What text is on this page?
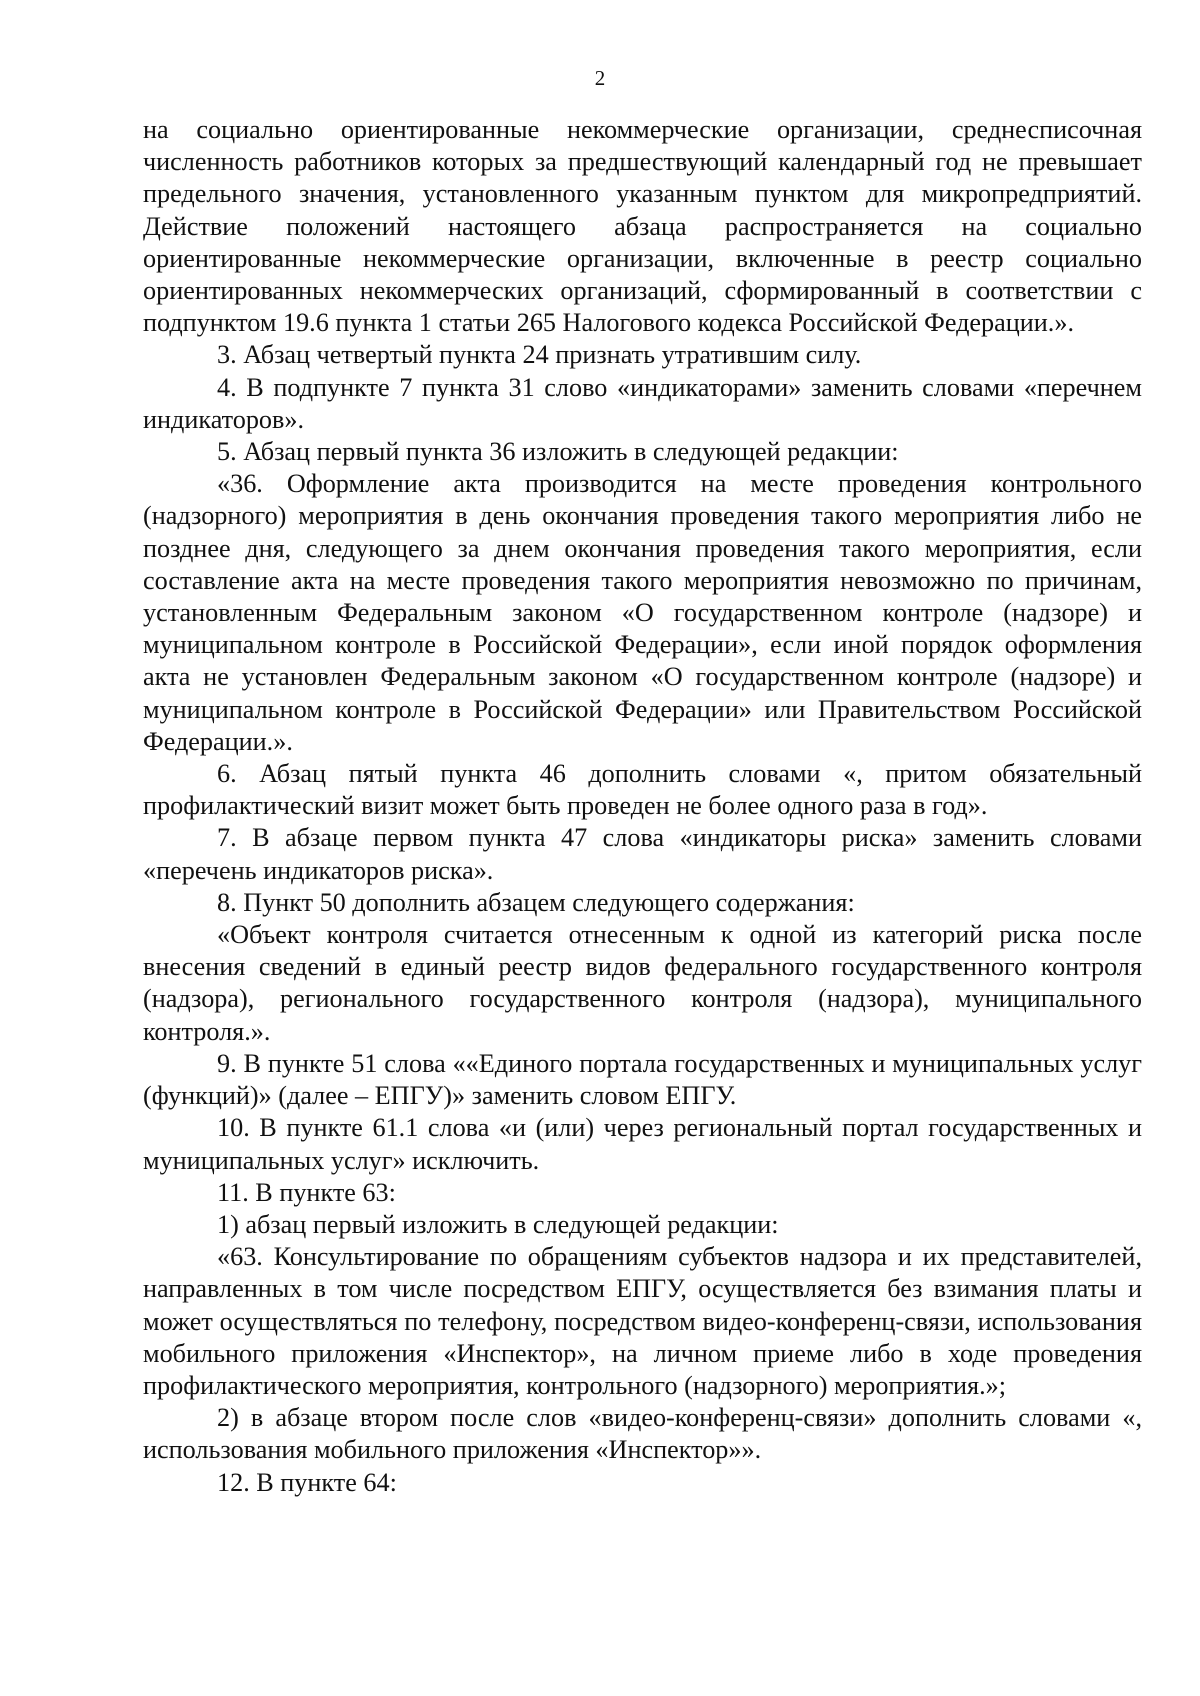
2

на социально ориентированные некоммерческие организации, среднесписочная численность работников которых за предшествующий календарный год не превышает предельного значения, установленного указанным пунктом для микропредприятий. Действие положений настоящего абзаца распространяется на социально ориентированные некоммерческие организации, включенные в реестр социально ориентированных некоммерческих организаций, сформированный в соответствии с подпунктом 19.6 пункта 1 статьи 265 Налогового кодекса Российской Федерации.».

3. Абзац четвертый пункта 24 признать утратившим силу.

4. В подпункте 7 пункта 31 слово «индикаторами» заменить словами «перечнем индикаторов».

5. Абзац первый пункта 36 изложить в следующей редакции:

«36. Оформление акта производится на месте проведения контрольного (надзорного) мероприятия в день окончания проведения такого мероприятия либо не позднее дня, следующего за днем окончания проведения такого мероприятия, если составление акта на месте проведения такого мероприятия невозможно по причинам, установленным Федеральным законом «О государственном контроле (надзоре) и муниципальном контроле в Российской Федерации», если иной порядок оформления акта не установлен Федеральным законом «О государственном контроле (надзоре) и муниципальном контроле в Российской Федерации» или Правительством Российской Федерации.».

6. Абзац пятый пункта 46 дополнить словами «, притом обязательный профилактический визит может быть проведен не более одного раза в год».

7. В абзаце первом пункта 47 слова «индикаторы риска» заменить словами «перечень индикаторов риска».

8. Пункт 50 дополнить абзацем следующего содержания:

«Объект контроля считается отнесенным к одной из категорий риска после внесения сведений в единый реестр видов федерального государственного контроля (надзора), регионального государственного контроля (надзора), муниципального контроля.».

9. В пункте 51 слова ««Единого портала государственных и муниципальных услуг (функций)» (далее – ЕПГУ)» заменить словом ЕПГУ.

10. В пункте 61.1 слова «и (или) через региональный портал государственных и муниципальных услуг» исключить.

11. В пункте 63:

1) абзац первый изложить в следующей редакции:

«63. Консультирование по обращениям субъектов надзора и их представителей, направленных в том числе посредством ЕПГУ, осуществляется без взимания платы и может осуществляться по телефону, посредством видео-конференц-связи, использования мобильного приложения «Инспектор», на личном приеме либо в ходе проведения профилактического мероприятия, контрольного (надзорного) мероприятия.»;

2) в абзаце втором после слов «видео-конференц-связи» дополнить словами «, использования мобильного приложения «Инспектор»».

12. В пункте 64:
